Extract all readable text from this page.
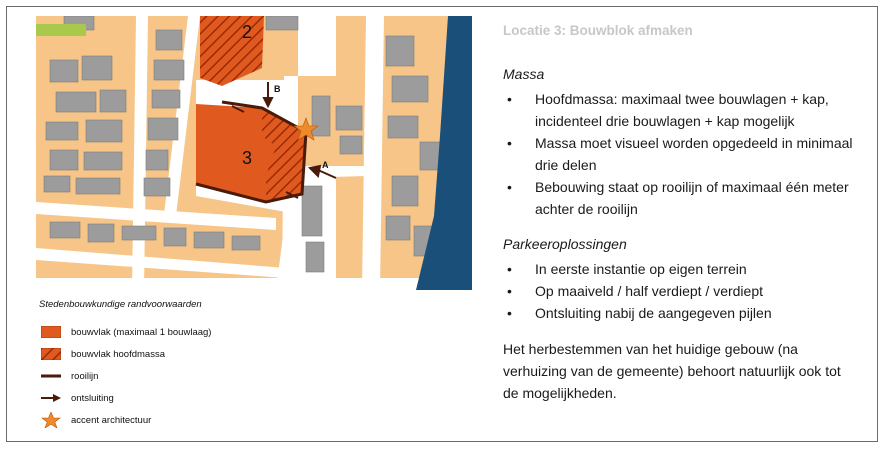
3
2
A
B
Stedenbouwkundige randvoorwaarden
bouwvlak (maximaal 1 bouwlaag)
bouwvlak hoofdmassa
rooilijn
ontsluiting
accent architectuur
Locatie 3: Bouwblok afmaken
Massa
• Hoofdmassa: maximaal twee bouwlagen + kap, incidenteel drie bouwlagen + kap mogelijk
• Massa moet visueel worden opgedeeld in minimaal drie delen
• Bebouwing staat op rooilijn of maximaal één meter achter de rooilijn
Parkeeroplossingen
• In eerste instantie op eigen terrein
• Op maaiveld / half verdiept / verdiept
• Ontsluiting nabij de aangegeven pijlen
Het herbestemmen van het huidige gebouw (na verhuizing van de gemeente) behoort natuurlijk ook tot de mogelijkheden.
